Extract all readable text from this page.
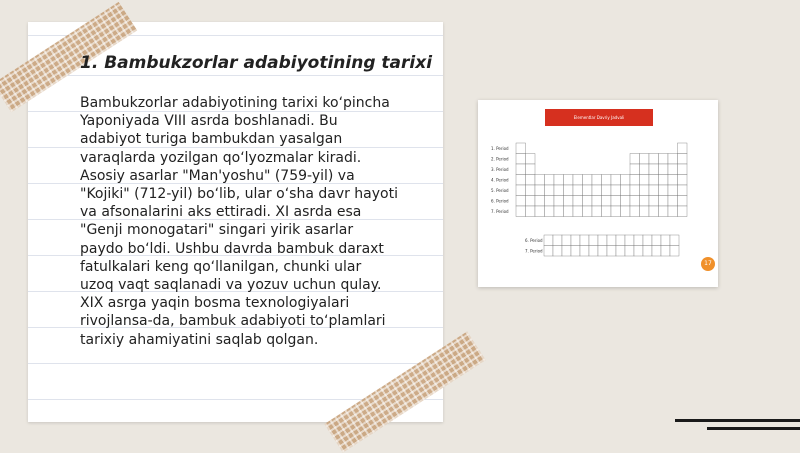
1. Bambukzorlar adabiyotining tarixi
Bambukzorlar adabiyotining tarixi ko‘pincha
Yaponiyada VIII asrda boshlanadi. Bu
adabiyot turiga bambukdan yasalgan
varaqlarda yozilgan qo‘lyozmalar kiradi.
Asosiy asarlar "Man'yoshu" (759-yil) va
"Kojiki" (712-yil) bo‘lib, ular o‘sha davr hayoti
va afsonalarini aks ettiradi. XI asrda esa
"Genji monogatari" singari yirik asarlar
paydo bo‘ldi. Ushbu davrda bambuk daraxt
fatulkalari keng qo‘llanilgan, chunki ular
uzoq vaqt saqlanadi va yozuv uchun qulay.
XIX asrga yaqin bosma texnologiyalari
rivojlansa-da, bambuk adabiyoti to‘plamlari
tarixiy ahamiyatini saqlab qolgan.
Elementlar Davriy Jadvali
1. Period
2. Period
3. Period
4. Period
5. Period
6. Period
7. Period
6. Period
7. Period
17
